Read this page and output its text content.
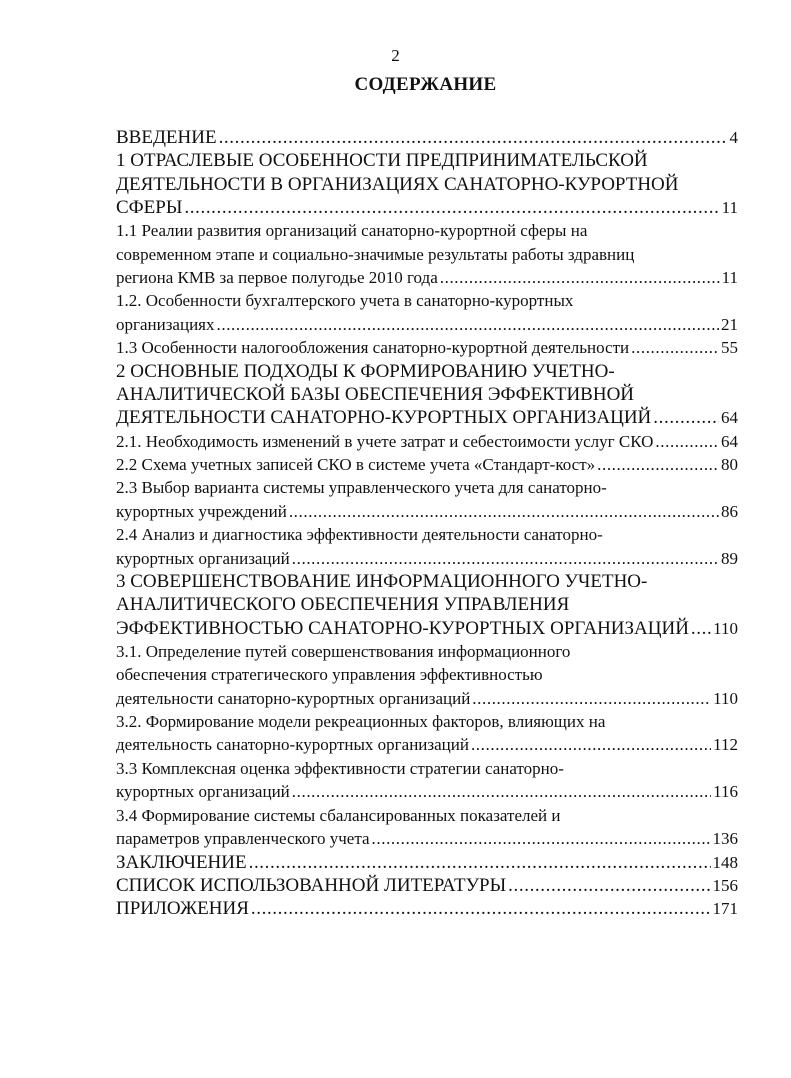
2
СОДЕРЖАНИЕ
ВВЕДЕНИЕ .....	4
1 ОТРАСЛЕВЫЕ ОСОБЕННОСТИ ПРЕДПРИНИМАТЕЛЬСКОЙ
ДЕЯТЕЛЬНОСТИ В ОРГАНИЗАЦИЯХ САНАТОРНО-КУРОРТНОЙ
СФЕРЫ .....	11
1.1 Реалии развития организаций санаторно-курортной сферы на
современном этапе и социально-значимые результаты работы здравниц
региона КМВ за первое полугодье 2010 года .....	11
1.2. Особенности бухгалтерского учета в санаторно-курортных
организациях .....	21
1.3 Особенности налогообложения санаторно-курортной деятельности .....	55
2 ОСНОВНЫЕ ПОДХОДЫ К ФОРМИРОВАНИЮ УЧЕТНО-
АНАЛИТИЧЕСКОЙ БАЗЫ ОБЕСПЕЧЕНИЯ ЭФФЕКТИВНОЙ
ДЕЯТЕЛЬНОСТИ САНАТОРНО-КУРОРТНЫХ ОРГАНИЗАЦИЙ .....	64
2.1. Необходимость изменений в учете затрат и себестоимости услуг СКО .....	64
2.2 Схема учетных записей СКО в системе учета «Стандарт-кост» .....	80
2.3 Выбор варианта системы управленческого учета для санаторно-
курортных учреждений .....	86
2.4 Анализ и диагностика эффективности деятельности санаторно-
курортных организаций .....	89
3 СОВЕРШЕНСТВОВАНИЕ ИНФОРМАЦИОННОГО УЧЕТНО-
АНАЛИТИЧЕСКОГО ОБЕСПЕЧЕНИЯ УПРАВЛЕНИЯ
ЭФФЕКТИВНОСТЬЮ САНАТОРНО-КУРОРТНЫХ ОРГАНИЗАЦИЙ ..... 110
3.1. Определение путей совершенствования информационного
обеспечения стратегического управления эффективностью
деятельности санаторно-курортных организаций .....	110
3.2. Формирование модели рекреационных факторов, влияющих на
деятельность санаторно-курортных организаций .....	112
3.3 Комплексная оценка эффективности стратегии санаторно-
курортных организаций .....	116
3.4 Формирование системы сбалансированных показателей и
параметров управленческого учета .....	136
ЗАКЛЮЧЕНИЕ .....	148
СПИСОК ИСПОЛЬЗОВАННОЙ ЛИТЕРАТУРЫ .....	156
ПРИЛОЖЕНИЯ .....	171
